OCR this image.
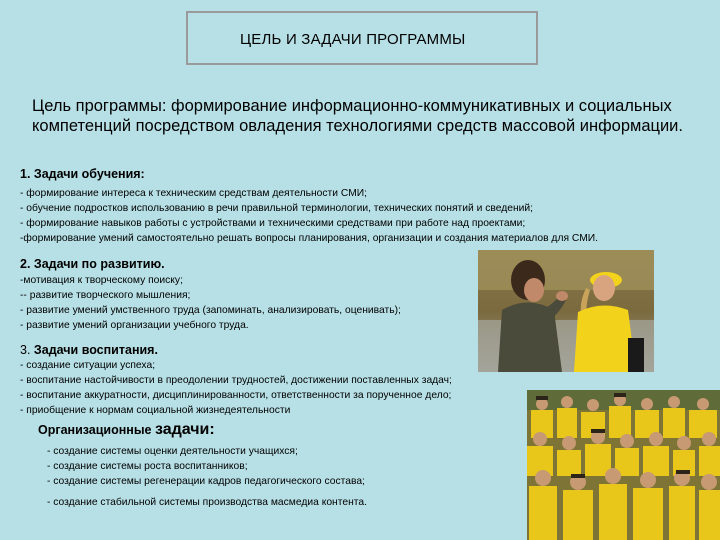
ЦЕЛЬ И ЗАДАЧИ ПРОГРАММЫ
Цель программы: формирование информационно-коммуникативных и социальных компетенций посредством овладения технологиями средств массовой информации.
1. Задачи обучения:
- формирование интереса к техническим средствам деятельности СМИ;
- обучение подростков использованию в речи правильной терминологии, технических понятий и сведений;
- формирование навыков работы с устройствами и техническими средствами при работе над проектами;
-формирование умений самостоятельно решать вопросы планирования, организации и создания материалов для СМИ.
2. Задачи по развитию.
-мотивация к творческому поиску;
-- развитие творческого мышления;
- развитие умений умственного труда (запоминать, анализировать, оценивать);
- развитие умений организации учебного труда.
3. Задачи воспитания.
- создание ситуации успеха;
- воспитание настойчивости в преодолении трудностей, достижении поставленных задач;
- воспитание аккуратности, дисциплинированности, ответственности за порученное дело;
- приобщение к нормам социальной жизнедеятельности
Организационные задачи:
- создание системы оценки деятельности учащихся;
- создание системы роста воспитанников;
- создание системы регенерации кадров педагогического состава;
- создание стабильной системы производства масмедиа контента.
